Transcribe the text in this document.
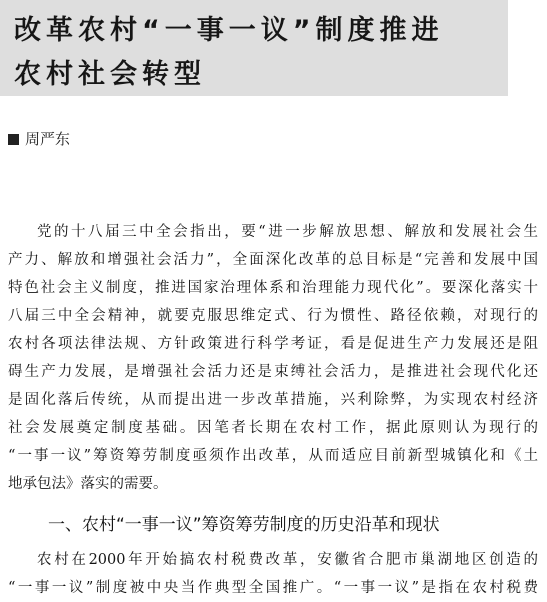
改革农村“一事一议”制度推进
农村社会转型
周严东
党的十八届三中全会指出，要“进一步解放思想、解放和发展社会生
产力、解放和增强社会活力”，全面深化改革的总目标是“完善和发展中国
特色社会主义制度，推进国家治理体系和治理能力现代化”。要深化落实十
八届三中全会精神，就要克服思维定式、行为惯性、路径依赖，对现行的
农村各项法律法规、方针政策进行科学考证，看是促进生产力发展还是阻
碍生产力发展，是增强社会活力还是束缚社会活力，是推进社会现代化还
是固化落后传统，从而提出进一步改革措施，兴利除弊，为实现农村经济
社会发展奠定制度基础。因笔者长期在农村工作，据此原则认为现行的
“一事一议”筹资筹劳制度亟须作出改革，从而适应目前新型城镇化和《土
地承包法》落实的需要。
一、农村“一事一议”筹资筹劳制度的历史沿革和现状
农村在2000年开始搞农村税费改革，安徽省合肥市巢湖地区创造的
“一事一议”制度被中央当作典型全国推广。“一事一议”是指在农村税费
